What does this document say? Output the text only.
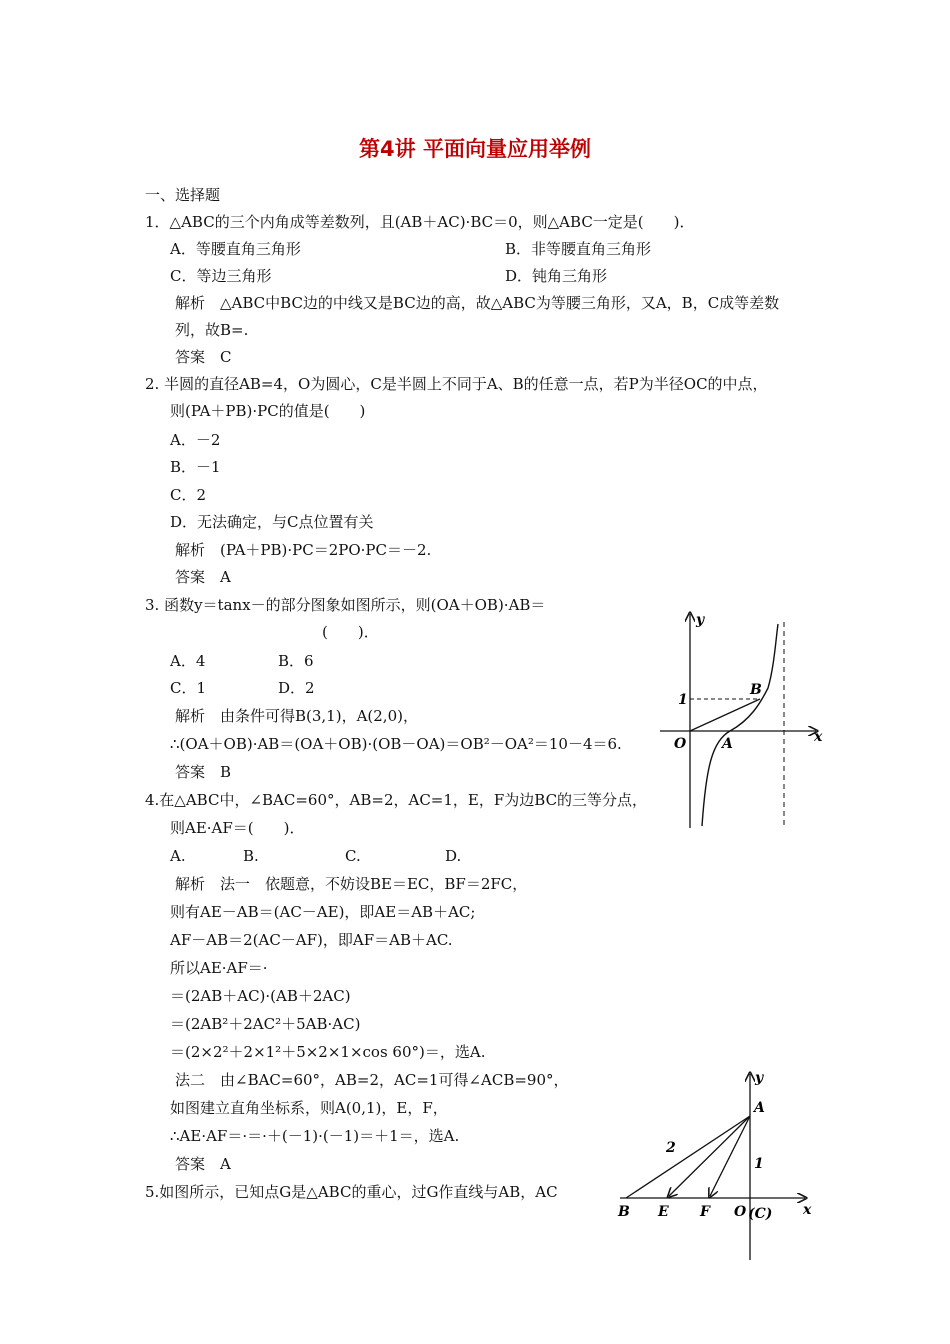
第4讲 平面向量应用举例
一、选择题
1．△ABC的三个内角成等差数列，且(AB＋AC)·BC＝0，则△ABC一定是(　　)．
A．等腰直角三角形	B．非等腰直角三角形
C．等边三角形	D．钝角三角形
解析　△ABC中BC边的中线又是BC边的高，故△ABC为等腰三角形，又A，B，C成等差数
列，故B=.
答案　C
2. 半圆的直径AB=4，O为圆心，C是半圆上不同于A、B的任意一点，若P为半径OC的中点，
则(PA＋PB)·PC的值是(　　)
A．－2
B．－1
C．2
D．无法确定，与C点位置有关
解析　(PA＋PB)·PC＝2PO·PC＝－2.
答案　A
3. 函数y＝tanx－的部分图象如图所示，则(OA＋OB)·AB＝
(　　)．
A．4	B．6
C．1	D．2
解析　由条件可得B(3,1)，A(2,0)，
∴(OA＋OB)·AB＝(OA＋OB)·(OB－OA)＝OB²－OA²＝10－4＝6.
答案　B
4.在△ABC中，∠BAC=60°，AB=2，AC=1，E，F为边BC的三等分点，
则AE·AF＝(　　)．
A.	B.	C.	D.
解析　法一　依题意，不妨设BE＝EC，BF＝2FC，
则有AE－AB＝(AC－AE)，即AE＝AB＋AC;
AF－AB＝2(AC－AF)，即AF＝AB＋AC.
所以AE·AF＝·
＝(2AB＋AC)·(AB＋2AC)
＝(2AB²＋2AC²＋5AB·AC)
＝(2×2²＋2×1²＋5×2×1×cos 60°)＝，选A.
法二　由∠BAC=60°，AB=2，AC=1可得∠ACB=90°，
如图建立直角坐标系，则A(0,1)，E，F，
∴AE·AF＝·＝·＋(－1)·(－1)＝＋1＝，选A.
答案　A
5.如图所示，已知点G是△ABC的重心，过G作直线与AB，AC
y
x
O
1
A
B
y
x
A
2
1
B E F O (C)
